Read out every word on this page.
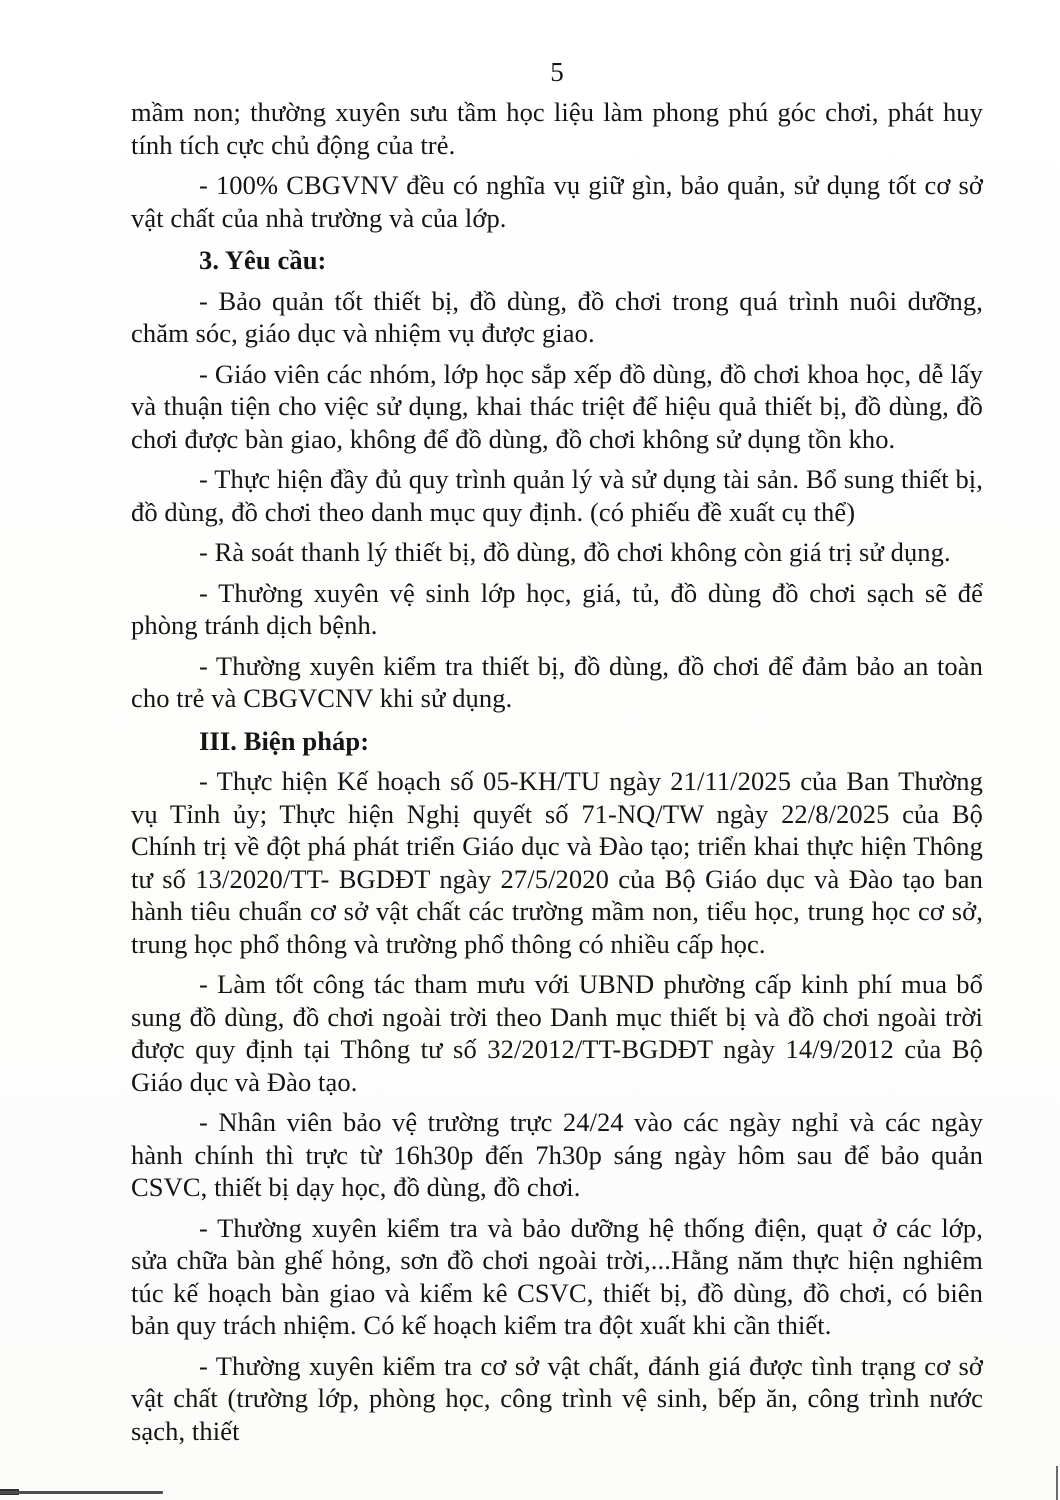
5

mầm non; thường xuyên sưu tầm học liệu làm phong phú góc chơi, phát huy tính tích cực chủ động của trẻ.

- 100% CBGVNV đều có nghĩa vụ giữ gìn, bảo quản, sử dụng tốt cơ sở vật chất của nhà trường và của lớp.

3. Yêu cầu:

- Bảo quản tốt thiết bị, đồ dùng, đồ chơi trong quá trình nuôi dưỡng, chăm sóc, giáo dục và nhiệm vụ được giao.

- Giáo viên các nhóm, lớp học sắp xếp đồ dùng, đồ chơi khoa học, dễ lấy và thuận tiện cho việc sử dụng, khai thác triệt để hiệu quả thiết bị, đồ dùng, đồ chơi được bàn giao, không để đồ dùng, đồ chơi không sử dụng tồn kho.

- Thực hiện đầy đủ quy trình quản lý và sử dụng tài sản. Bổ sung thiết bị, đồ dùng, đồ chơi theo danh mục quy định. (có phiếu đề xuất cụ thể)

- Rà soát thanh lý thiết bị, đồ dùng, đồ chơi không còn giá trị sử dụng.

- Thường xuyên vệ sinh lớp học, giá, tủ, đồ dùng đồ chơi sạch sẽ để phòng tránh dịch bệnh.

- Thường xuyên kiểm tra thiết bị, đồ dùng, đồ chơi để đảm bảo an toàn cho trẻ và CBGVCNV khi sử dụng.

III. Biện pháp:

- Thực hiện Kế hoạch số 05-KH/TU ngày 21/11/2025 của Ban Thường vụ Tỉnh ủy; Thực hiện Nghị quyết số 71-NQ/TW ngày 22/8/2025 của Bộ Chính trị về đột phá phát triển Giáo dục và Đào tạo; triển khai thực hiện Thông tư số 13/2020/TT- BGDĐT ngày 27/5/2020 của Bộ Giáo dục và Đào tạo ban hành tiêu chuẩn cơ sở vật chất các trường mầm non, tiểu học, trung học cơ sở, trung học phổ thông và trường phổ thông có nhiều cấp học.

- Làm tốt công tác tham mưu với UBND phường cấp kinh phí mua bổ sung đồ dùng, đồ chơi ngoài trời theo Danh mục thiết bị và đồ chơi ngoài trời được quy định tại Thông tư số 32/2012/TT-BGDĐT ngày 14/9/2012 của Bộ Giáo dục và Đào tạo.

- Nhân viên bảo vệ trường trực 24/24 vào các ngày nghỉ và các ngày hành chính thì trực từ 16h30p đến 7h30p sáng ngày hôm sau để bảo quản CSVC, thiết bị dạy học, đồ dùng, đồ chơi.

- Thường xuyên kiểm tra và bảo dưỡng hệ thống điện, quạt ở các lớp, sửa chữa bàn ghế hỏng, sơn đồ chơi ngoài trời,...Hằng năm thực hiện nghiêm túc kế hoạch bàn giao và kiểm kê CSVC, thiết bị, đồ dùng, đồ chơi, có biên bản quy trách nhiệm. Có kế hoạch kiểm tra đột xuất khi cần thiết.

- Thường xuyên kiểm tra cơ sở vật chất, đánh giá được tình trạng cơ sở vật chất (trường lớp, phòng học, công trình vệ sinh, bếp ăn, công trình nước sạch, thiết
